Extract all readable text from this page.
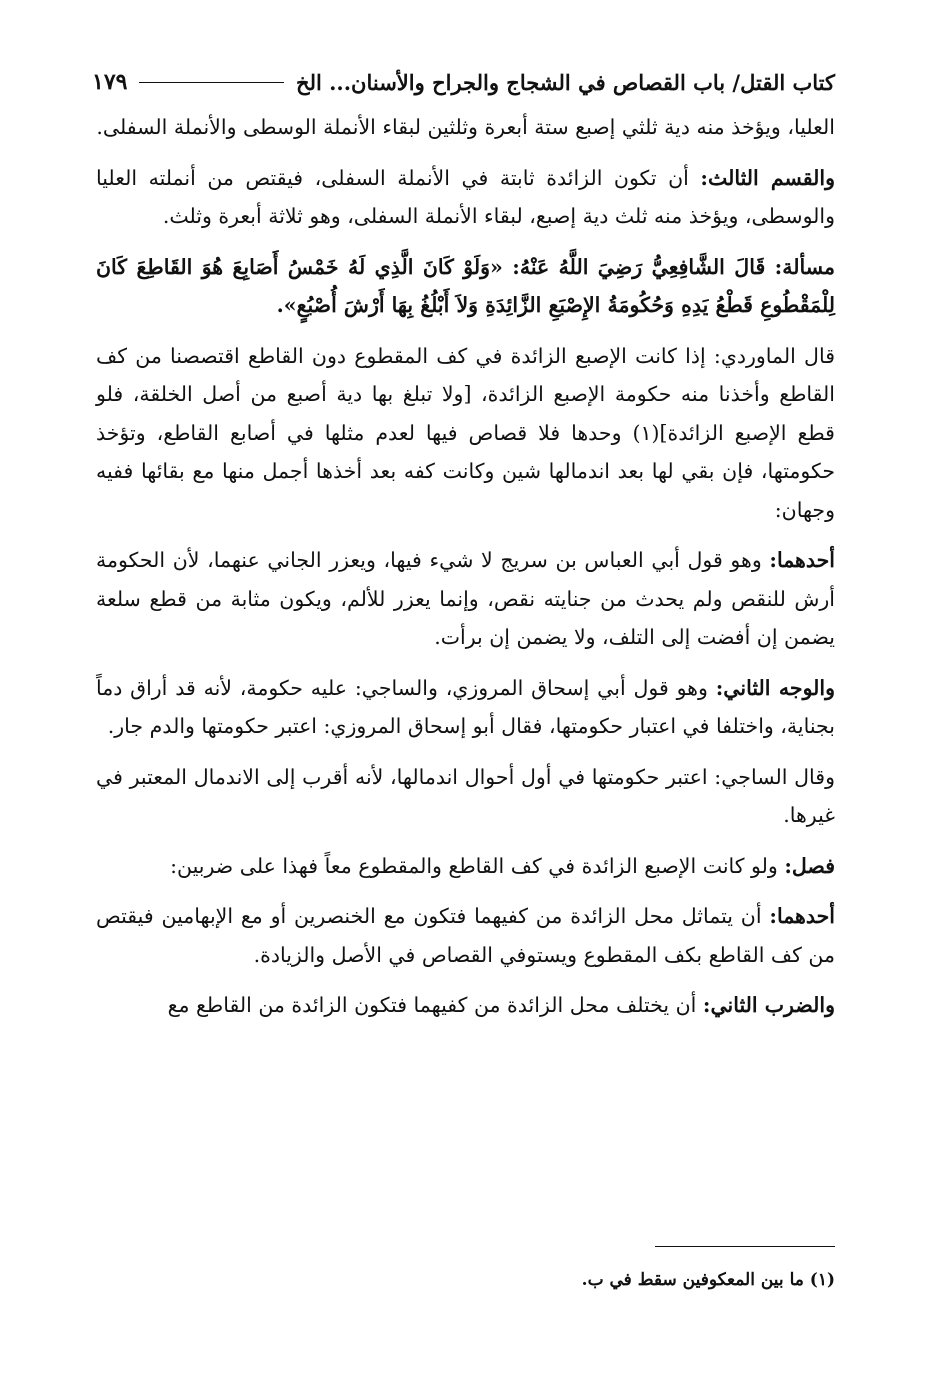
كتاب القتل/ باب القصاص في الشجاج والجراح والأسنان... الخ
١٧٩

العليا، ويؤخذ منه دية ثلثي إصبع ستة أبعرة وثلثين لبقاء الأنملة الوسطى والأنملة السفلى.

والقسم الثالث: أن تكون الزائدة ثابتة في الأنملة السفلى، فيقتص من أنملته العليا والوسطى، ويؤخذ منه ثلث دية إصبع، لبقاء الأنملة السفلى، وهو ثلاثة أبعرة وثلث.

مسألة: قَالَ الشَّافِعِيُّ رَضِيَ اللَّهُ عَنْهُ: «وَلَوْ كَانَ الَّذِي لَهُ خَمْسُ أَصَابِعَ هُوَ القَاطِعَ كَانَ لِلْمَقْطُوعِ قَطْعُ يَدِهِ وَحُكُومَةُ الإِصْبَعِ الزَّائِدَةِ وَلاَ أَبْلُغُ بِهَا أَرْشَ أُصْبُعٍ».

قال الماوردي: إذا كانت الإصبع الزائدة في كف المقطوع دون القاطع اقتصصنا من كف القاطع وأخذنا منه حكومة الإصبع الزائدة، [ولا تبلغ بها دية أصبع من أصل الخلقة، فلو قطع الإصبع الزائدة](١) وحدها فلا قصاص فيها لعدم مثلها في أصابع القاطع، وتؤخذ حكومتها، فإن بقي لها بعد اندمالها شين وكانت كفه بعد أخذها أجمل منها مع بقائها ففيه وجهان:

أحدهما: وهو قول أبي العباس بن سريج لا شيء فيها، ويعزر الجاني عنهما، لأن الحكومة أرش للنقص ولم يحدث من جنايته نقص، وإنما يعزر للألم، ويكون مثابة من قطع سلعة يضمن إن أفضت إلى التلف، ولا يضمن إن برأت.

والوجه الثاني: وهو قول أبي إسحاق المروزي، والساجي: عليه حكومة، لأنه قد أراق دماً بجناية، واختلفا في اعتبار حكومتها، فقال أبو إسحاق المروزي: اعتبر حكومتها والدم جار.

وقال الساجي: اعتبر حكومتها في أول أحوال اندمالها، لأنه أقرب إلى الاندمال المعتبر في غيرها.

فصل: ولو كانت الإصبع الزائدة في كف القاطع والمقطوع معاً فهذا على ضربين:

أحدهما: أن يتماثل محل الزائدة من كفيهما فتكون مع الخنصرين أو مع الإبهامين فيقتص من كف القاطع بكف المقطوع ويستوفي القصاص في الأصل والزيادة.

والضرب الثاني: أن يختلف محل الزائدة من كفيهما فتكون الزائدة من القاطع مع

(١) ما بين المعكوفين سقط في ب.
